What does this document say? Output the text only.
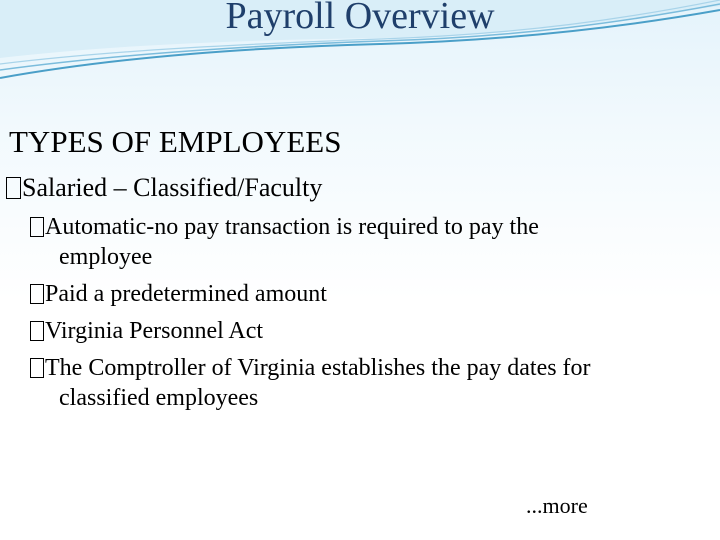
Payroll Overview
TYPES OF EMPLOYEES
Salaried – Classified/Faculty
Automatic-no pay transaction is required to pay the
employee
Paid a predetermined amount
Virginia Personnel Act
The Comptroller of Virginia establishes the pay dates for
classified employees
...more
